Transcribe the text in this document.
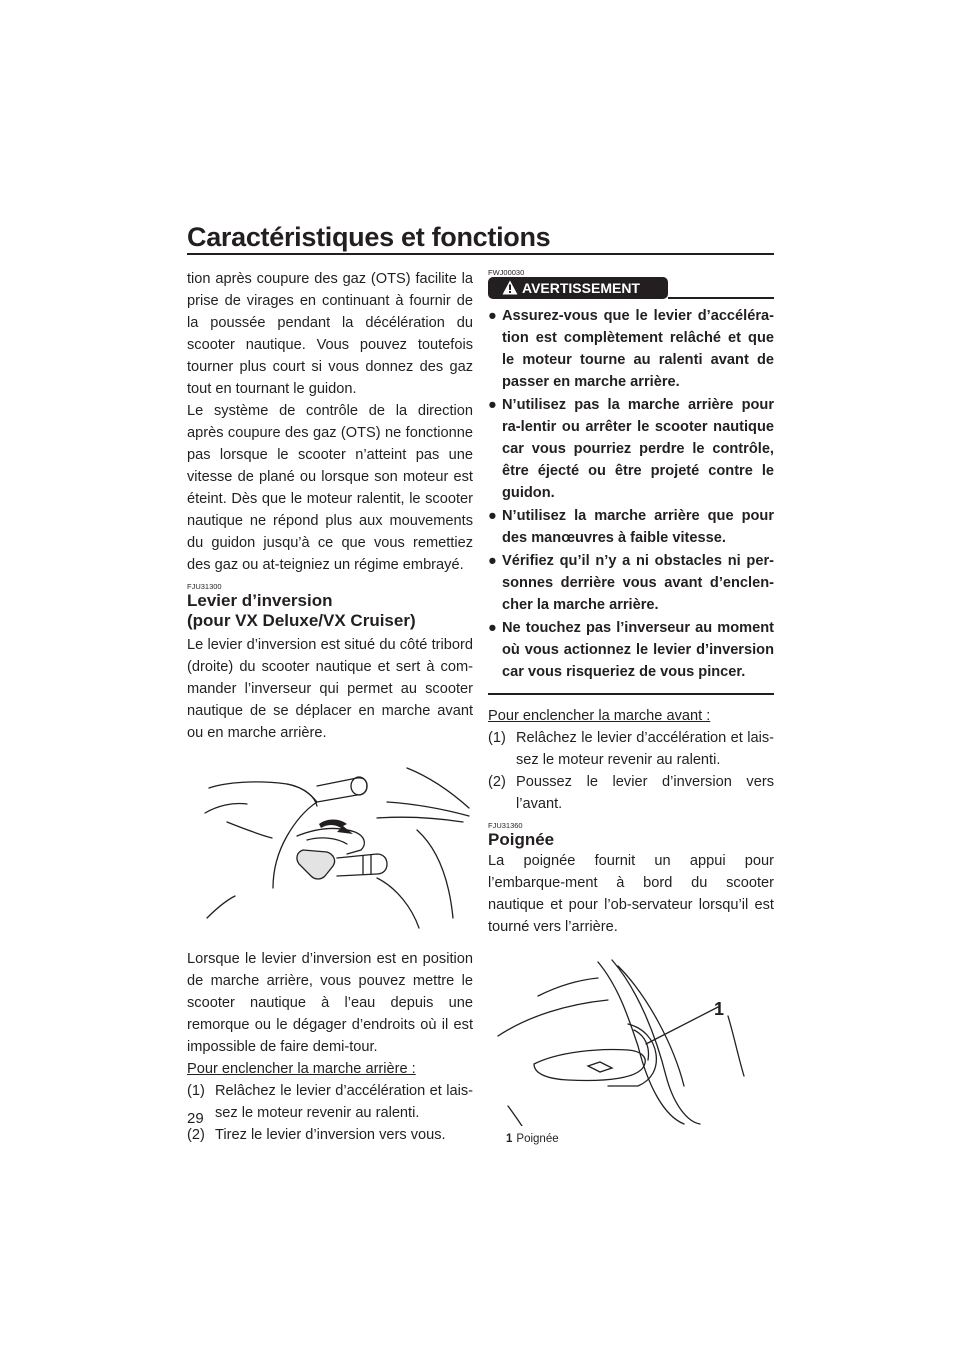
Caractéristiques et fonctions

tion après coupure des gaz (OTS) facilite la prise de virages en continuant à fournir de la poussée pendant la décélération du scooter nautique. Vous pouvez toutefois tourner plus court si vous donnez des gaz tout en tournant le guidon.

Le système de contrôle de la direction après coupure des gaz (OTS) ne fonctionne pas lorsque le scooter n’atteint pas une vitesse de plané ou lorsque son moteur est éteint. Dès que le moteur ralentit, le scooter nautique ne répond plus aux mouvements du guidon jusqu’à ce que vous remettiez des gaz ou at-teigniez un régime embrayé.

FJU31300
Levier d’inversion
(pour VX Deluxe/VX Cruiser)

Le levier d’inversion est situé du côté tribord (droite) du scooter nautique et sert à com-mander l’inverseur qui permet au scooter nautique de se déplacer en marche avant ou en marche arrière.

Lorsque le levier d’inversion est en position de marche arrière, vous pouvez mettre le scooter nautique à l’eau depuis une remorque ou le dégager d’endroits où il est impossible de faire demi-tour.

Pour enclencher la marche arrière :
(1) Relâchez le levier d’accélération et lais-sez le moteur revenir au ralenti.
(2) Tirez le levier d’inversion vers vous.
FWJ00030
AVERTISSEMENT
● Assurez-vous que le levier d’accéléra-tion est complètement relâché et que le moteur tourne au ralenti avant de passer en marche arrière.
● N’utilisez pas la marche arrière pour ra-lentir ou arrêter le scooter nautique car vous pourriez perdre le contrôle, être éjecté ou être projeté contre le guidon.
● N’utilisez la marche arrière que pour des manœuvres à faible vitesse.
● Vérifiez qu’il n’y a ni obstacles ni per-sonnes derrière vous avant d’enclen-cher la marche arrière.
● Ne touchez pas l’inverseur au moment où vous actionnez le levier d’inversion car vous risqueriez de vous pincer.
Pour enclencher la marche avant :
(1) Relâchez le levier d’accélération et lais-sez le moteur revenir au ralenti.
(2) Poussez le levier d’inversion vers l’avant.
FJU31360
Poignée

La poignée fournit un appui pour l’embarque-ment à bord du scooter nautique et pour l’ob-servateur lorsqu’il est tourné vers l’arrière.

1
1 Poignée
29
